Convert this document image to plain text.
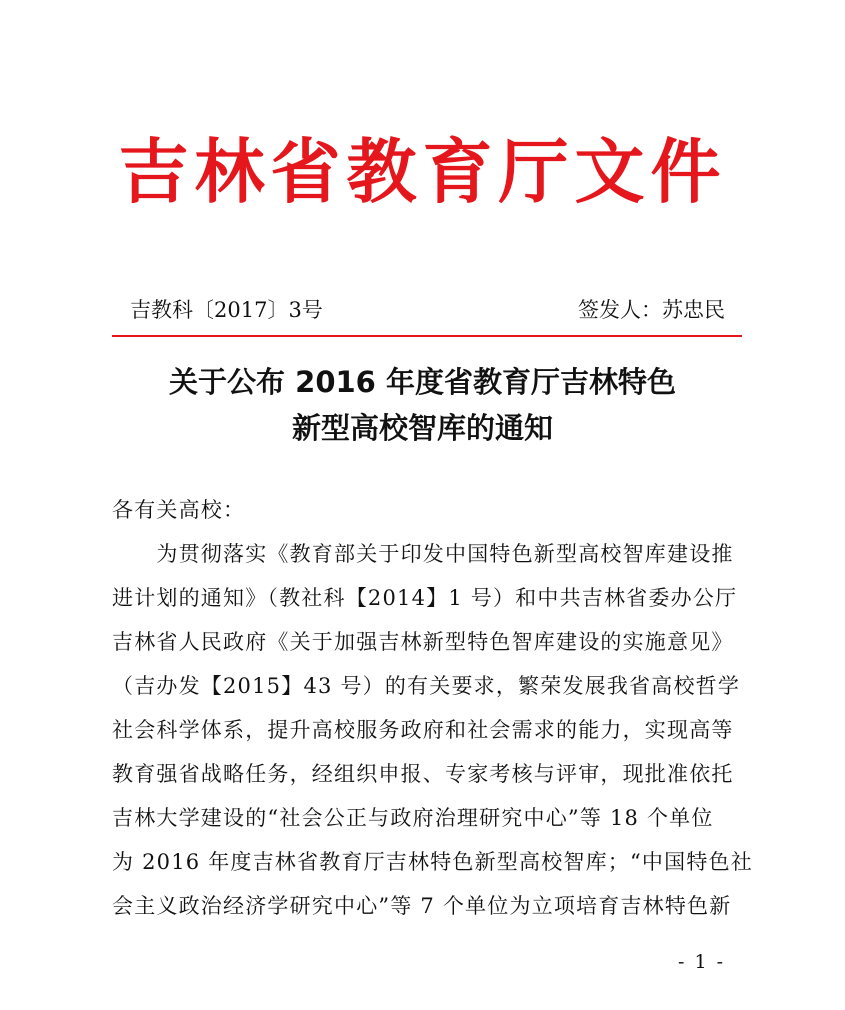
吉林省教育厅文件
吉教科〔2017〕3号	签发人：苏忠民
关于公布 2016 年度省教育厅吉林特色
新型高校智库的通知
各有关高校：
　　为贯彻落实《教育部关于印发中国特色新型高校智库建设推
进计划的通知》（教社科【2014】1 号）和中共吉林省委办公厅
吉林省人民政府《关于加强吉林新型特色智库建设的实施意见》
（吉办发【2015】43 号）的有关要求，繁荣发展我省高校哲学
社会科学体系，提升高校服务政府和社会需求的能力，实现高等
教育强省战略任务，经组织申报、专家考核与评审，现批准依托
吉林大学建设的“社会公正与政府治理研究中心”等 18 个单位
为 2016 年度吉林省教育厅吉林特色新型高校智库；“中国特色社
会主义政治经济学研究中心”等 7 个单位为立项培育吉林特色新
- 1 -
